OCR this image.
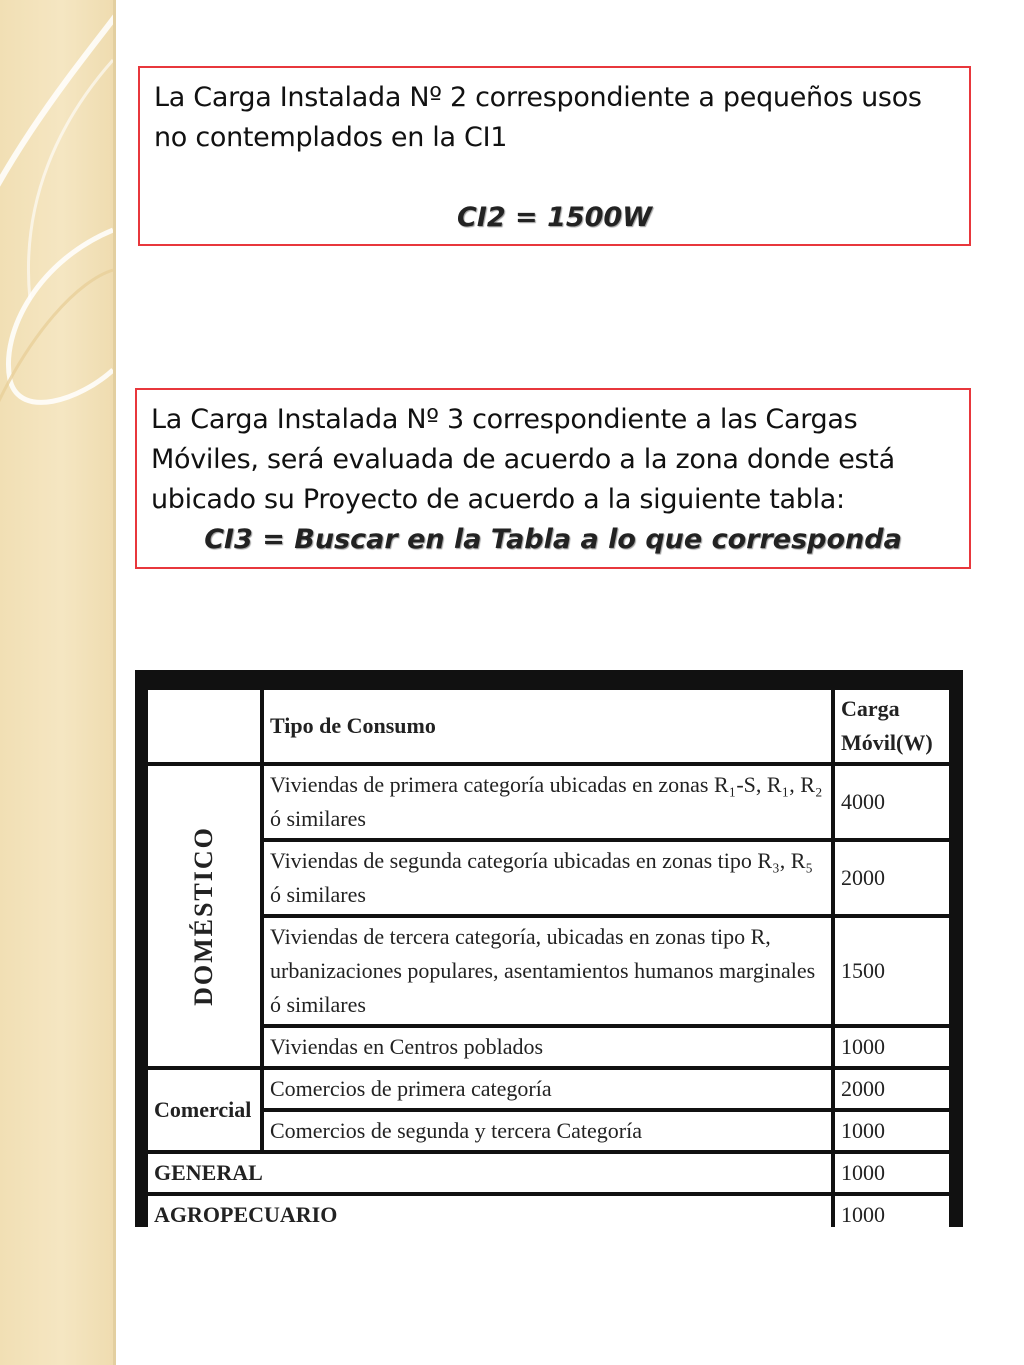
La Carga Instalada Nº 2 correspondiente a pequeños usos no contemplados en la CI1

CI2 = 1500W

La Carga Instalada Nº 3 correspondiente a las Cargas Móviles, será evaluada de acuerdo a la zona donde está ubicado su Proyecto de acuerdo a la siguiente tabla:

CI3 = Buscar en la Tabla a lo que corresponda
	Tipo de Consumo	Carga Móvil(W)

DOMÉSTICO	Viviendas de primera categoría ubicadas en zonas R₁-S, R₁, R₂ ó similares	4000
	Viviendas de segunda categoría ubicadas en zonas tipo R₃, R₅ ó similares	2000
	Viviendas de tercera categoría, ubicadas en zonas tipo R, urbanizaciones populares, asentamientos humanos marginales ó similares	1500
	Viviendas en Centros poblados	1000
Comercial	Comercios de primera categoría	2000
	Comercios de segunda y tercera Categoría	1000
GENERAL		1000
AGROPECUARIO		1000
